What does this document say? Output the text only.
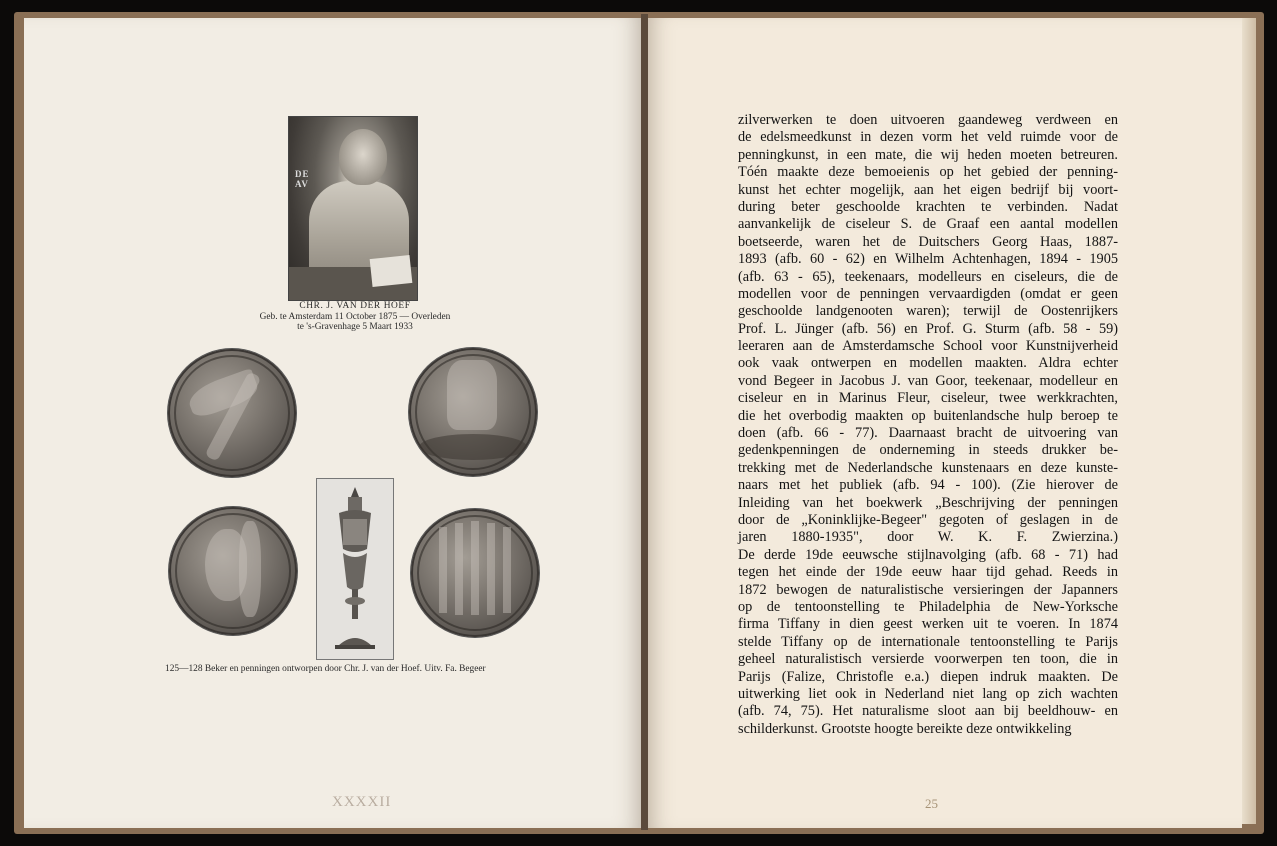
DE
AV
CHR. J. VAN DER HOEF
Geb. te Amsterdam 11 October 1875 — Overleden
te 's-Gravenhage 5 Maart 1933
125—128 Beker en penningen ontworpen door Chr. J. van der Hoef. Uitv. Fa. Begeer
XXXXII
zilverwerken te doen uitvoeren gaandeweg verdween en
de edelsmeedkunst in dezen vorm het veld ruimde voor de
penningkunst, in een mate, die wij heden moeten betreuren.
Tóén maakte deze bemoeienis op het gebied der penning-
kunst het echter mogelijk, aan het eigen bedrijf bij voort-
during beter geschoolde krachten te verbinden. Nadat
aanvankelijk de ciseleur S. de Graaf een aantal modellen
boetseerde, waren het de Duitschers Georg Haas, 1887-
1893 (afb. 60 - 62) en Wilhelm Achtenhagen, 1894 - 1905
(afb. 63 - 65), teekenaars, modelleurs en ciseleurs, die de
modellen voor de penningen vervaardigden (omdat er geen
geschoolde landgenooten waren); terwijl de Oostenrijkers
Prof. L. Jünger (afb. 56) en Prof. G. Sturm (afb. 58 - 59)
leeraren aan de Amsterdamsche School voor Kunstnijverheid
ook vaak ontwerpen en modellen maakten. Aldra echter
vond Begeer in Jacobus J. van Goor, teekenaar, modelleur en
ciseleur en in Marinus Fleur, ciseleur, twee werkkrachten,
die het overbodig maakten op buitenlandsche hulp beroep te
doen (afb. 66 - 77). Daarnaast bracht de uitvoering van
gedenkpenningen de onderneming in steeds drukker be-
trekking met de Nederlandsche kunstenaars en deze kunste-
naars met het publiek (afb. 94 - 100). (Zie hierover de
Inleiding van het boekwerk „Beschrijving der penningen
door de „Koninklijke-Begeer" gegoten of geslagen in de
jaren 1880-1935", door W. K. F. Zwierzina.)
De derde 19de eeuwsche stijlnavolging (afb. 68 - 71) had
tegen het einde der 19de eeuw haar tijd gehad. Reeds in
1872 bewogen de naturalistische versieringen der Japanners
op de tentoonstelling te Philadelphia de New-Yorksche
firma Tiffany in dien geest werken uit te voeren. In 1874
stelde Tiffany op de internationale tentoonstelling te Parijs
geheel naturalistisch versierde voorwerpen ten toon, die in
Parijs (Falize, Christofle e.a.) diepen indruk maakten. De
uitwerking liet ook in Nederland niet lang op zich wachten
(afb. 74, 75). Het naturalisme sloot aan bij beeldhouw- en
schilderkunst. Grootste hoogte bereikte deze ontwikkeling
25
